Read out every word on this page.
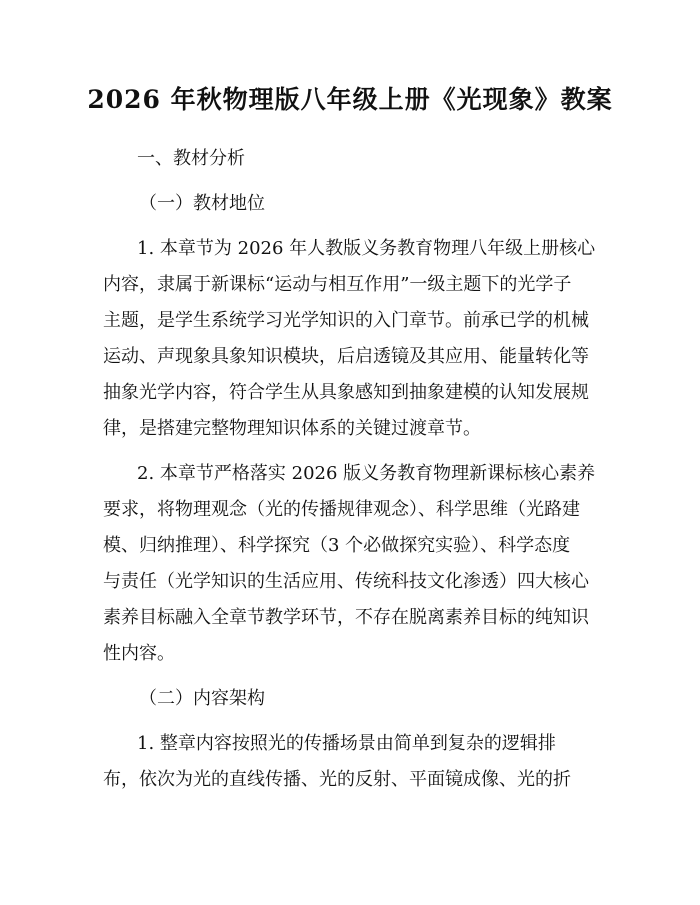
2026 年秋物理版八年级上册《光现象》教案

一、教材分析

（一）教材地位

1. 本章节为 2026 年人教版义务教育物理八年级上册核心

内容，隶属于新课标“运动与相互作用”一级主题下的光学子

主题，是学生系统学习光学知识的入门章节。前承已学的机械

运动、声现象具象知识模块，后启透镜及其应用、能量转化等

抽象光学内容，符合学生从具象感知到抽象建模的认知发展规

律，是搭建完整物理知识体系的关键过渡章节。

2. 本章节严格落实 2026 版义务教育物理新课标核心素养

要求，将物理观念（光的传播规律观念）、科学思维（光路建

模、归纳推理）、科学探究（3 个必做探究实验）、科学态度

与责任（光学知识的生活应用、传统科技文化渗透）四大核心

素养目标融入全章节教学环节，不存在脱离素养目标的纯知识

性内容。

（二）内容架构

1. 整章内容按照光的传播场景由简单到复杂的逻辑排

布，依次为光的直线传播、光的反射、平面镜成像、光的折
